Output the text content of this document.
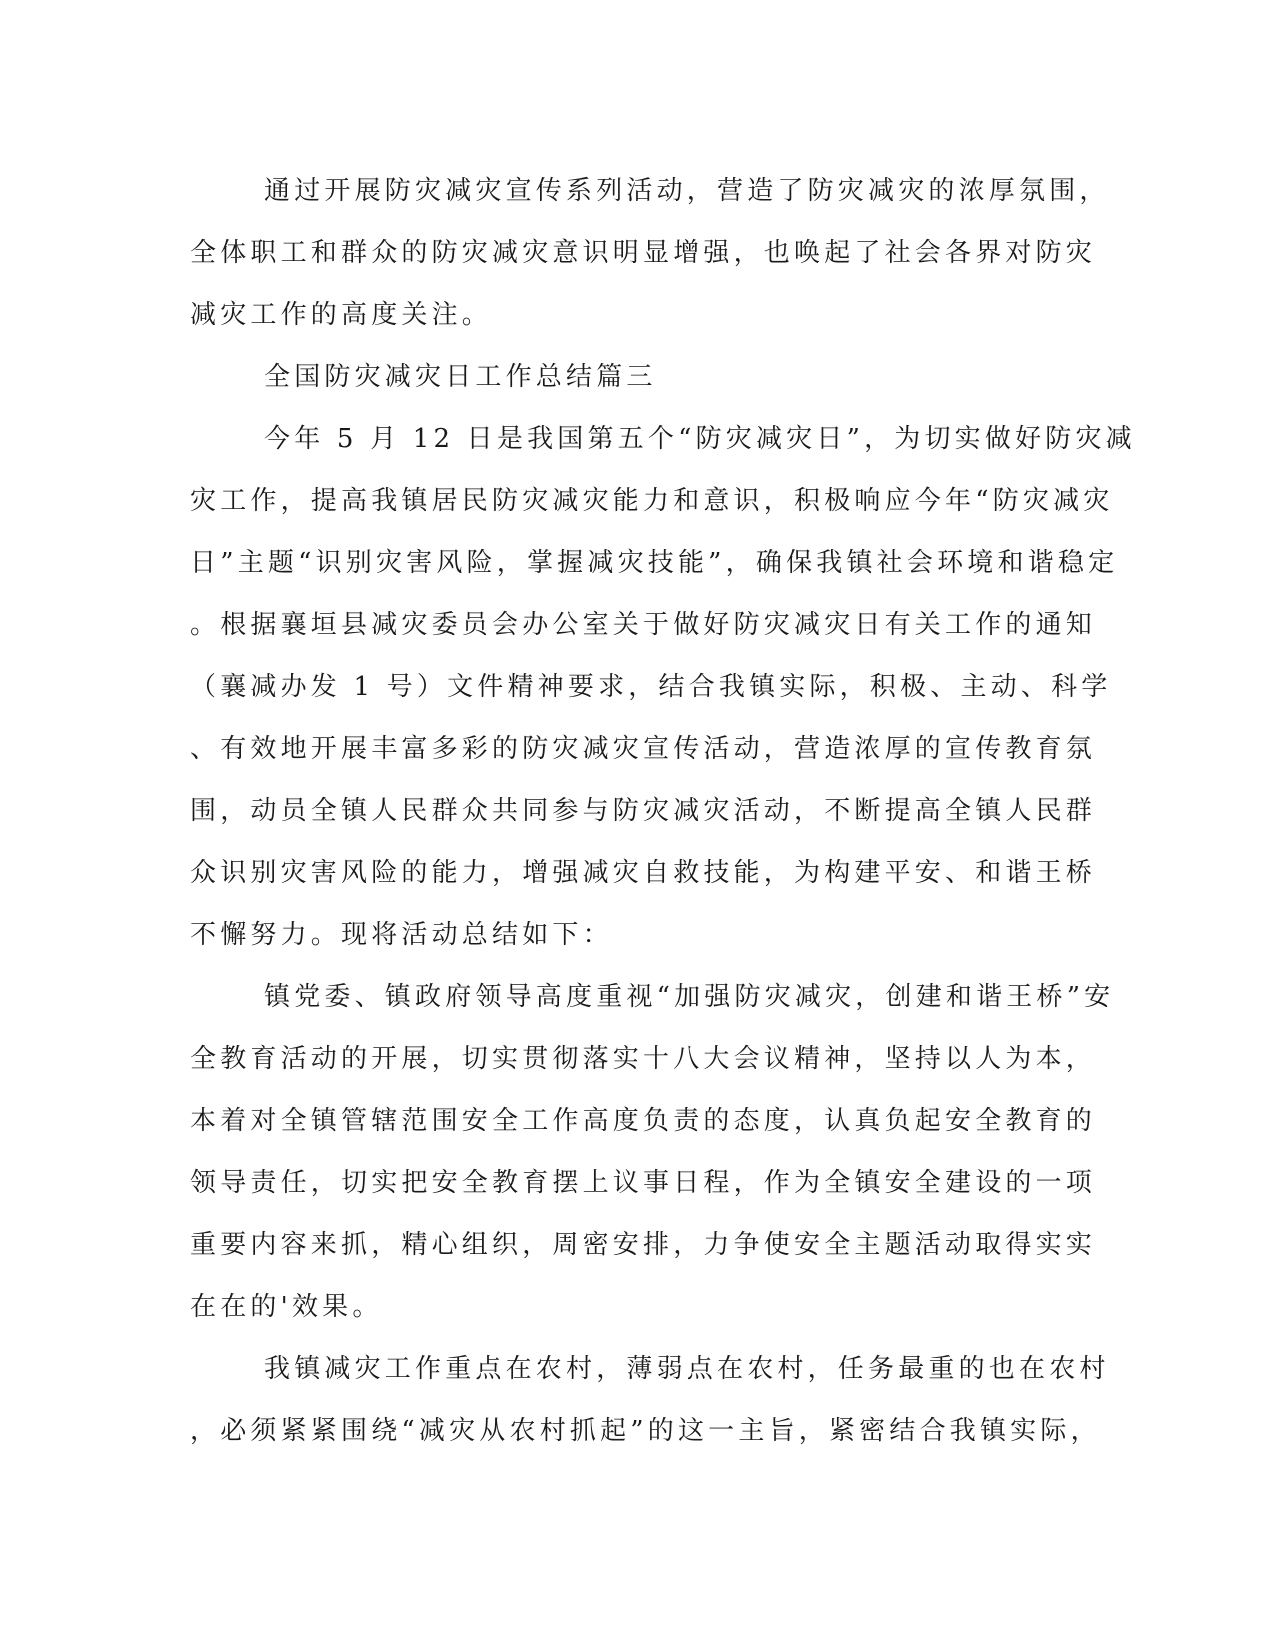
通过开展防灾减灾宣传系列活动，营造了防灾减灾的浓厚氛围，
全体职工和群众的防灾减灾意识明显增强，也唤起了社会各界对防灾
减灾工作的高度关注。
全国防灾减灾日工作总结篇三
今年 5 月 12 日是我国第五个“防灾减灾日”，为切实做好防灾减
灾工作，提高我镇居民防灾减灾能力和意识，积极响应今年“防灾减灾
日”主题“识别灾害风险，掌握减灾技能”，确保我镇社会环境和谐稳定
。根据襄垣县减灾委员会办公室关于做好防灾减灾日有关工作的通知
（襄减办发 1 号）文件精神要求，结合我镇实际，积极、主动、科学
、有效地开展丰富多彩的防灾减灾宣传活动，营造浓厚的宣传教育氛
围，动员全镇人民群众共同参与防灾减灾活动，不断提高全镇人民群
众识别灾害风险的能力，增强减灾自救技能，为构建平安、和谐王桥
不懈努力。现将活动总结如下：
镇党委、镇政府领导高度重视“加强防灾减灾，创建和谐王桥”安
全教育活动的开展，切实贯彻落实十八大会议精神，坚持以人为本，
本着对全镇管辖范围安全工作高度负责的态度，认真负起安全教育的
领导责任，切实把安全教育摆上议事日程，作为全镇安全建设的一项
重要内容来抓，精心组织，周密安排，力争使安全主题活动取得实实
在在的'效果。
我镇减灾工作重点在农村，薄弱点在农村，任务最重的也在农村
，必须紧紧围绕“减灾从农村抓起”的这一主旨，紧密结合我镇实际，
